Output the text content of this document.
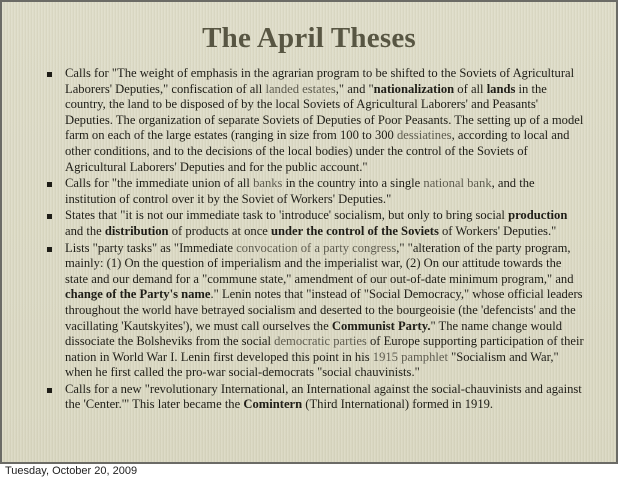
The April Theses
Calls for "The weight of emphasis in the agrarian program to be shifted to the Soviets of Agricultural Laborers' Deputies," confiscation of all landed estates," and "nationalization of all lands in the country, the land to be disposed of by the local Soviets of Agricultural Laborers' and Peasants' Deputies. The organization of separate Soviets of Deputies of Poor Peasants. The setting up of a model farm on each of the large estates (ranging in size from 100 to 300 dessiatines, according to local and other conditions, and to the decisions of the local bodies) under the control of the Soviets of Agricultural Laborers' Deputies and for the public account."
Calls for "the immediate union of all banks in the country into a single national bank, and the institution of control over it by the Soviet of Workers' Deputies."
States that "it is not our immediate task to 'introduce' socialism, but only to bring social production and the distribution of products at once under the control of the Soviets of Workers' Deputies."
Lists "party tasks" as "Immediate convocation of a party congress," "alteration of the party program, mainly: (1) On the question of imperialism and the imperialist war, (2) On our attitude towards the state and our demand for a "commune state," amendment of our out-of-date minimum program," and change of the Party's name." Lenin notes that "instead of "Social Democracy," whose official leaders throughout the world have betrayed socialism and deserted to the bourgeoisie (the 'defencists' and the vacillating 'Kautskyites'), we must call ourselves the Communist Party." The name change would dissociate the Bolsheviks from the social democratic parties of Europe supporting participation of their nation in World War I. Lenin first developed this point in his 1915 pamphlet "Socialism and War," when he first called the pro-war social-democrats "social chauvinists."
Calls for a new "revolutionary International, an International against the social-chauvinists and against the 'Center.'" This later became the Comintern (Third International) formed in 1919.
Tuesday, October 20, 2009
